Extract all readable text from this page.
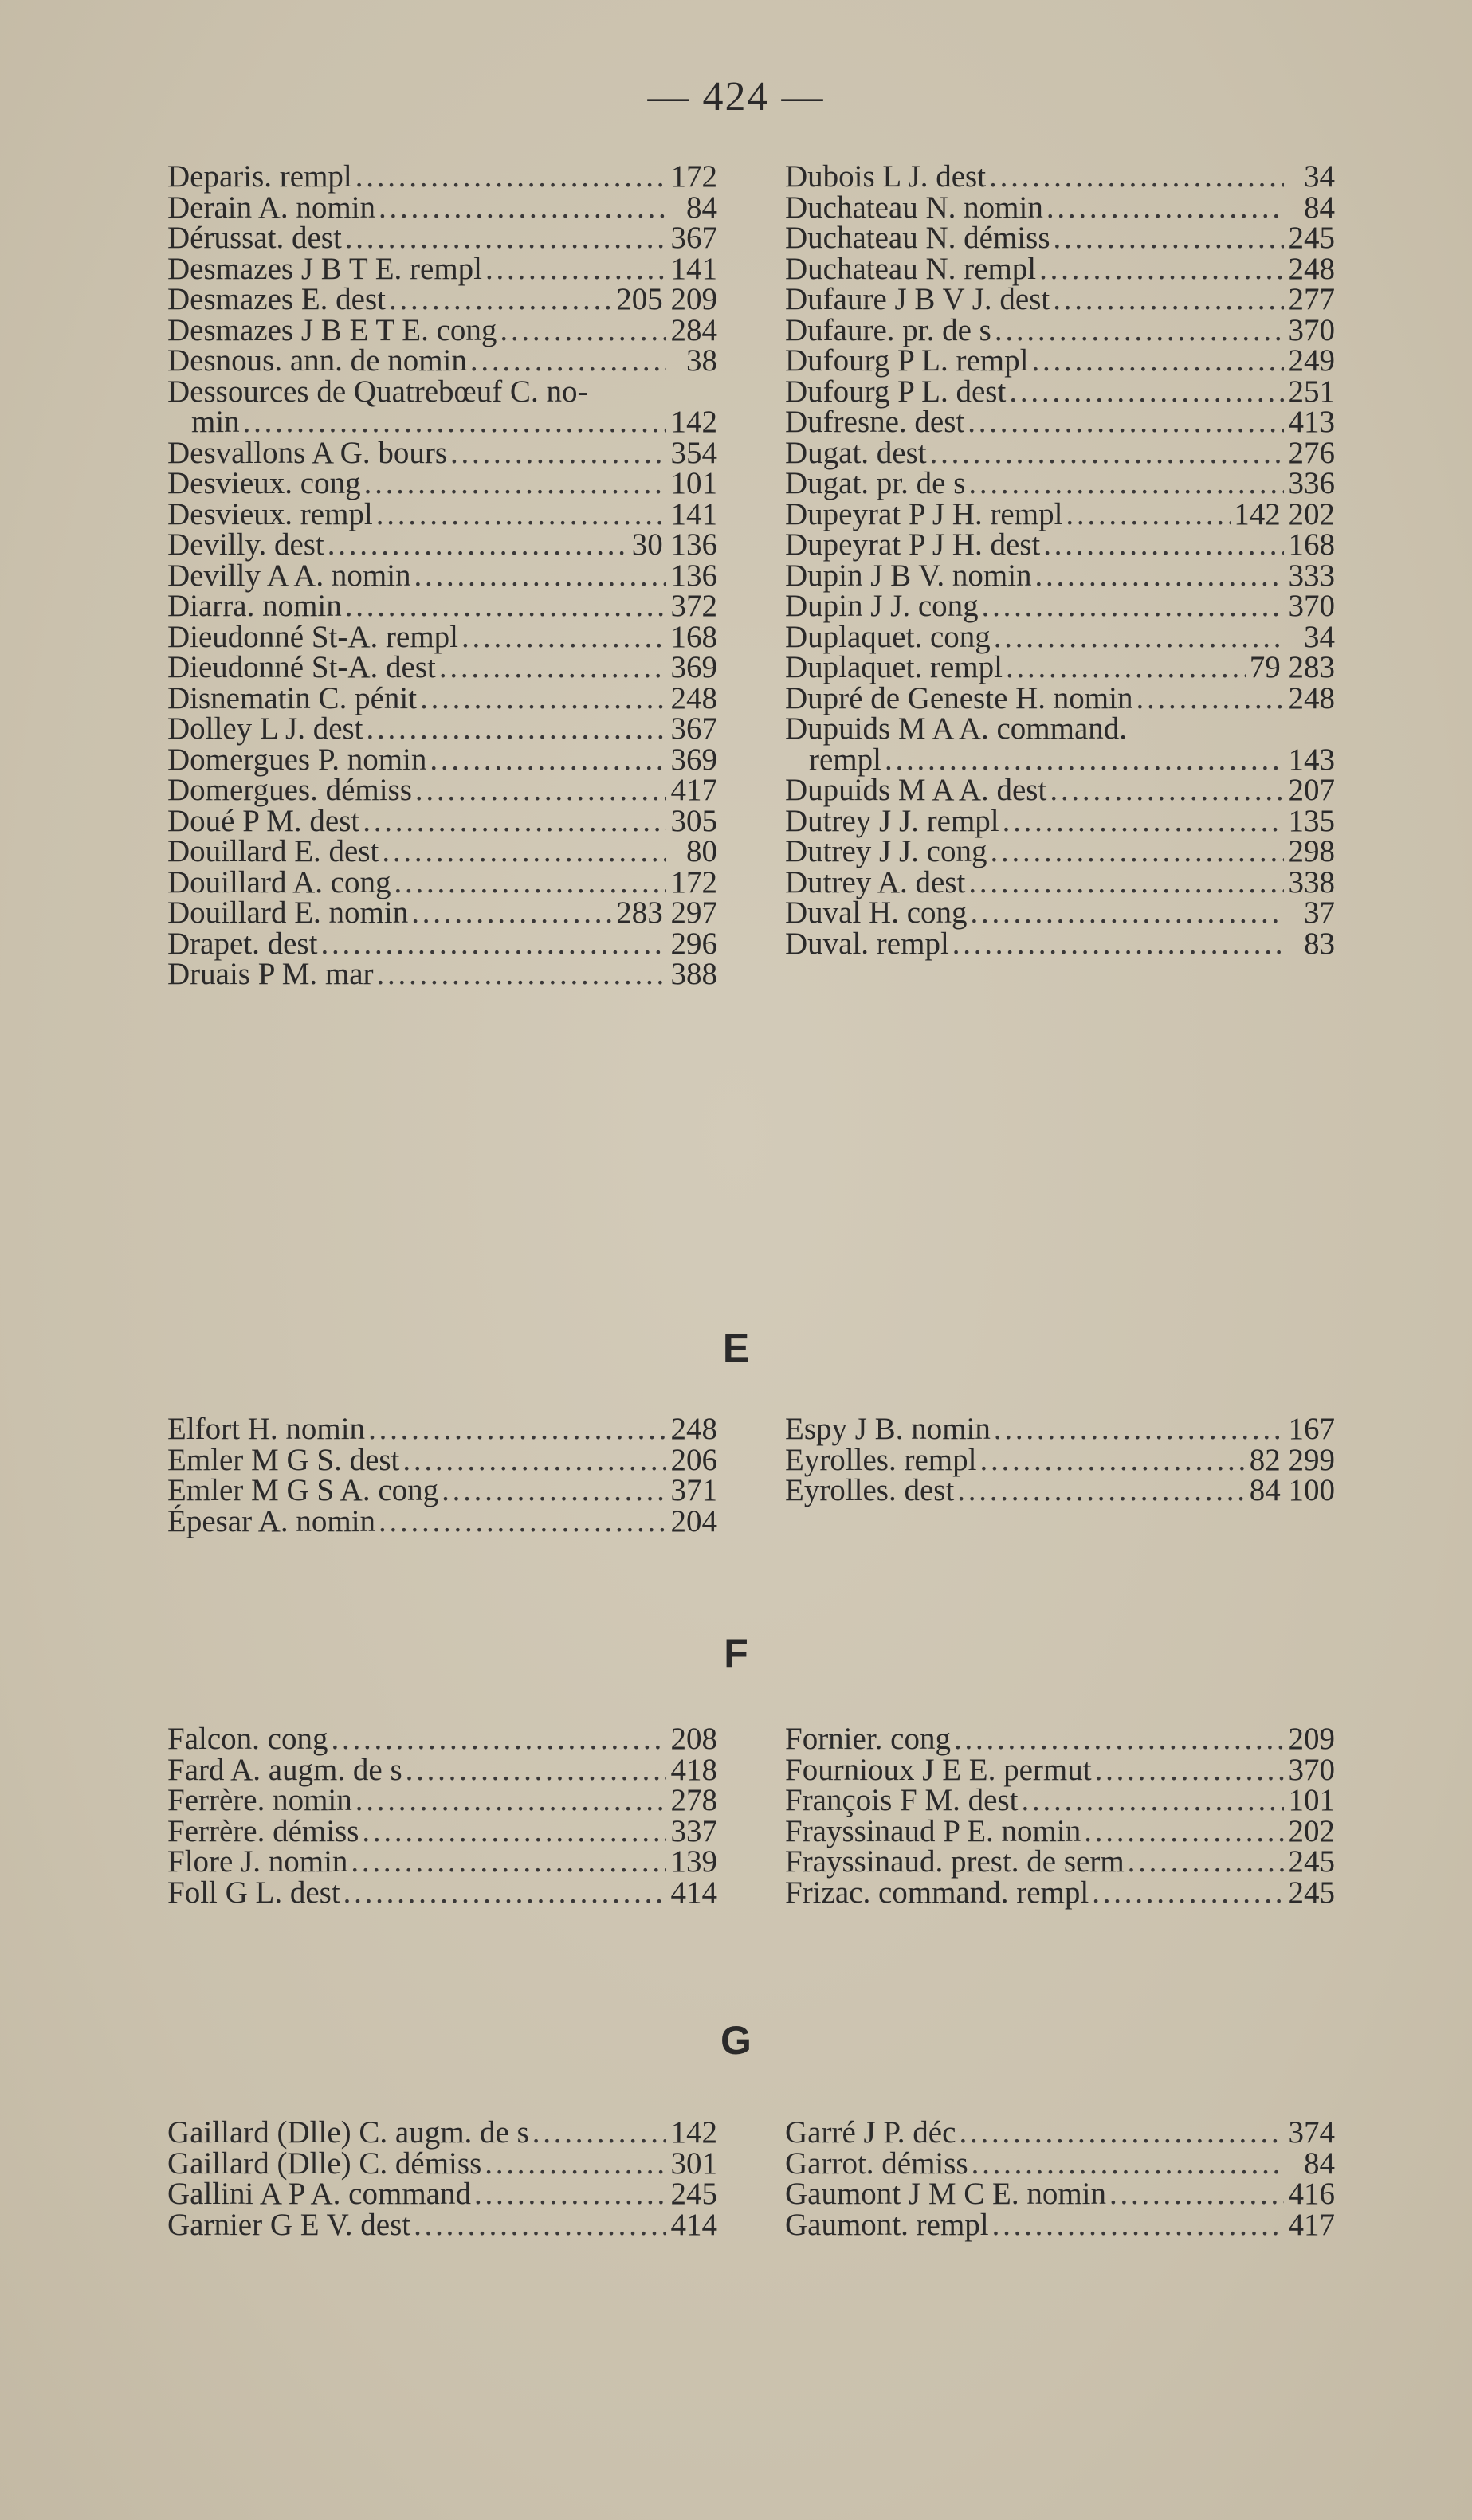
— 424 —
Deparis. rempl . . .	172
Derain A. nomin . . .	84
Dérussat. dest . . .	367
Desmazes J B T E. rempl . . .	141
Desmazes E. dest . . .	205 209
Desmazes J B E T E. cong . . .	284
Desnous. ann. de nomin . . .	38
Dessources de Quatrebœuf C. no-
min . . .	142
Desvallons A G. bours . . .	354
Desvieux. cong . . .	101
Desvieux. rempl . . .	141
Devilly. dest . . .	30 136
Devilly A A. nomin . . .	136
Diarra. nomin . . .	372
Dieudonné St-A. rempl . . .	168
Dieudonné St-A. dest . . .	369
Disnematin C. pénit . . .	248
Dolley L J. dest . . .	367
Domergues P. nomin . . .	369
Domergues. démiss . . .	417
Doué P M. dest . . .	305
Douillard E. dest . . .	80
Douillard A. cong . . .	172
Douillard E. nomin . . .	283 297
Drapet. dest . . .	296
Druais P M. mar . . .	388
Dubois L J. dest . . .	34
Duchateau N. nomin . . .	84
Duchateau N. démiss . . .	245
Duchateau N. rempl . . .	248
Dufaure J B V J. dest . . .	277
Dufaure. pr. de s . . .	370
Dufourg P L. rempl . . .	249
Dufourg P L. dest . . .	251
Dufresne. dest . . .	413
Dugat. dest . . .	276
Dugat. pr. de s . . .	336
Dupeyrat P J H. rempl . . .	142 202
Dupeyrat P J H. dest . . .	168
Dupin J B V. nomin . . .	333
Dupin J J. cong . . .	370
Duplaquet. cong . . .	34
Duplaquet. rempl . . .	79 283
Dupré de Geneste H. nomin . . .	248
Dupuids M A A. command.
rempl . . .	143
Dupuids M A A. dest . . .	207
Dutrey J J. rempl . . .	135
Dutrey J J. cong . . .	298
Dutrey A. dest . . .	338
Duval H. cong . . .	37
Duval. rempl . . .	83
E
Elfort H. nomin . . .	248
Emler M G S. dest . . .	206
Emler M G S A. cong . . .	371
Épesar A. nomin . . .	204
Espy J B. nomin . . .	167
Eyrolles. rempl . . .	82 299
Eyrolles. dest . . .	84 100
F
Falcon. cong . . .	208
Fard A. augm. de s . . .	418
Ferrère. nomin . . .	278
Ferrère. démiss . . .	337
Flore J. nomin . . .	139
Foll G L. dest . . .	414
Fornier. cong . . .	209
Fournioux J E E. permut . . .	370
François F M. dest . . .	101
Frayssinaud P E. nomin . . .	202
Frayssinaud. prest. de serm . . .	245
Frizac. command. rempl . . .	245
G
Gaillard (Dlle) C. augm. de s . . .	142
Gaillard (Dlle) C. démiss . . .	301
Gallini A P A. command . . .	245
Garnier G E V. dest . . .	414
Garré J P. déc . . .	374
Garrot. démiss . . .	84
Gaumont J M C E. nomin . . .	416
Gaumont. rempl . . .	417
